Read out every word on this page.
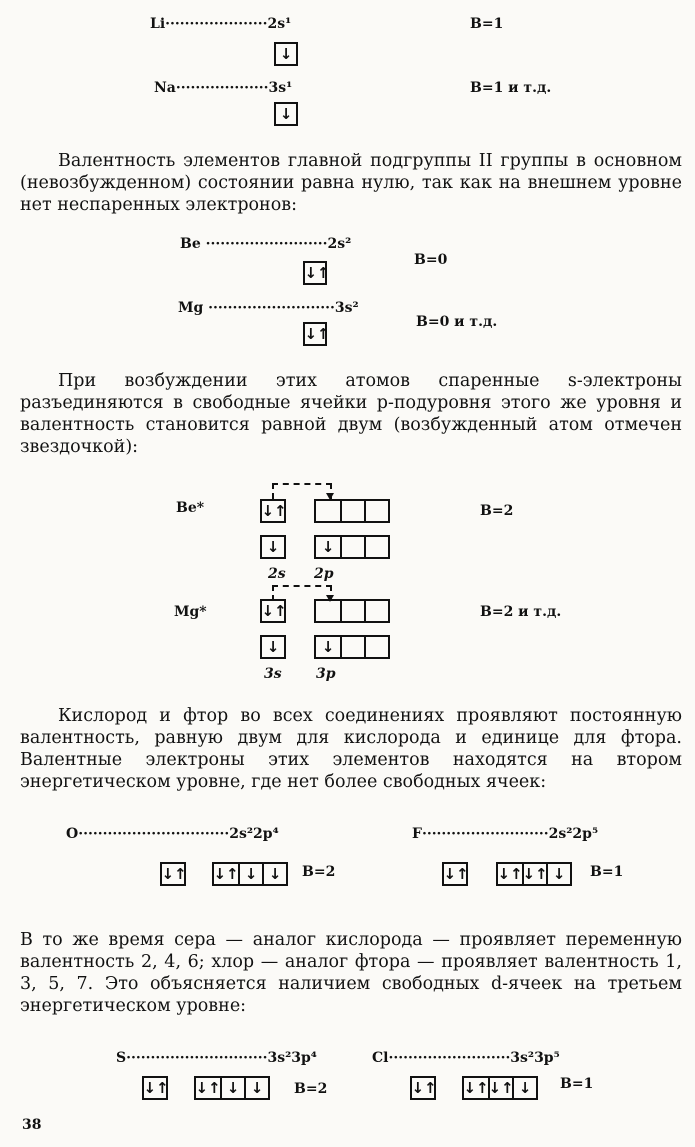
Li·····················2s¹	В=1
↓
Na···················3s¹	В=1 и т.д.
↓

Валентность элементов главной подгруппы II группы в основном (невозбужденном) состоянии равна нулю, так как на внешнем уровне нет неспаренных электронов:

Be ·························2s²
В=0
↓↑
Mg ··························3s²
В=0 и т.д.
↓↑

При возбуждении этих атомов спаренные s-электроны разъединяются в свободные ячейки p-подуровня этого же уровня и валентность становится равной двум (возбужденный атом отмечен звездочкой):

Be*	В=2
↓↑
↓	↓
2s 2p
Mg*	В=2 и т.д.
↓↑
↓	↓
3s 3p

Кислород и фтор во всех соединениях проявляют постоянную валентность, равную двум для кислорода и единице для фтора. Валентные электроны этих элементов находятся на втором энергетическом уровне, где нет более свободных ячеек:

O·······························2s²2p⁴	F··························2s²2p⁵
↓↑ ↓↑ ↓ ↓	В=2	↓↑ ↓↑ ↓↑ ↓	В=1

В то же время сера — аналог кислорода — проявляет переменную валентность 2, 4, 6; хлор — аналог фтора — проявляет валентность 1, 3, 5, 7. Это объясняется наличием свободных d-ячеек на третьем энергетическом уровне:

S·····························3s²3p⁴	Cl·························3s²3p⁵
↓↑ ↓↑ ↓ ↓	В=2	↓↑ ↓↑ ↓↑ ↓	В=1
38
